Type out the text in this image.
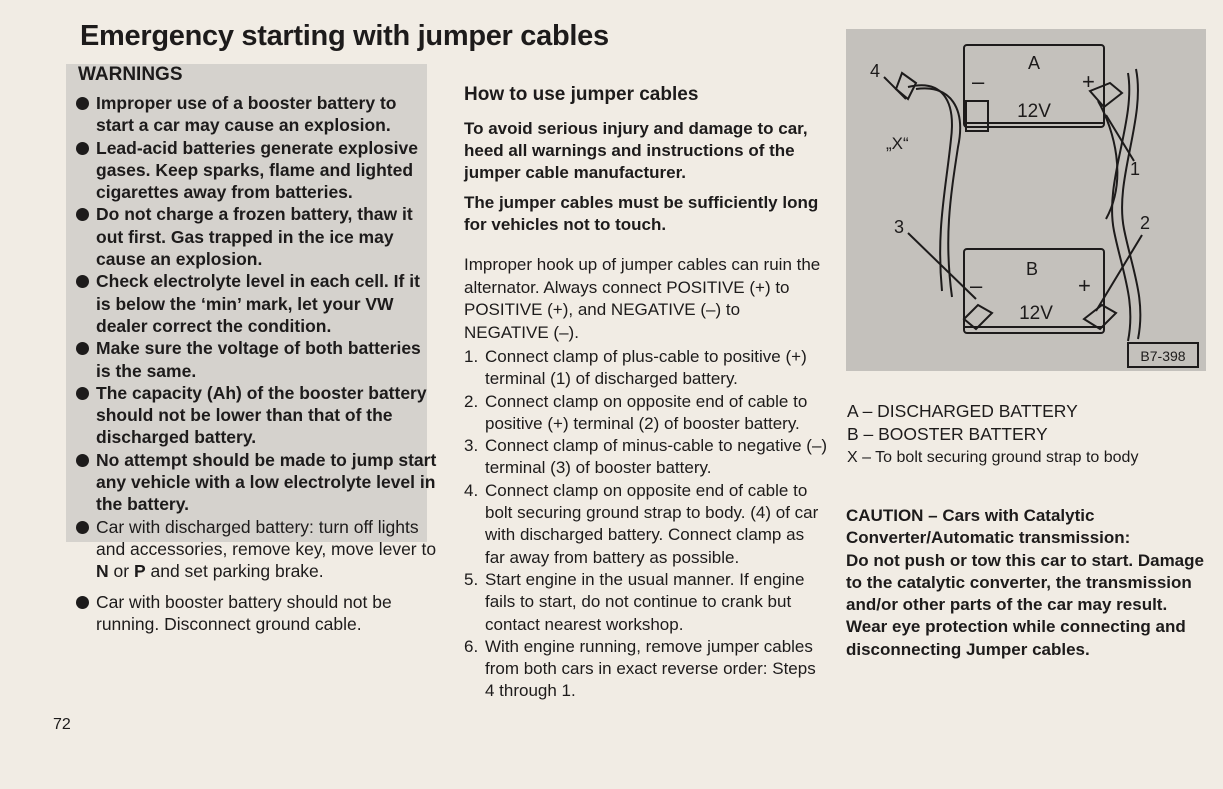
Emergency starting with jumper cables
WARNINGS
Improper use of a booster battery to start a car may cause an explosion.
Lead-acid batteries generate explosive gases. Keep sparks, flame and lighted cigarettes away from batteries.
Do not charge a frozen battery, thaw it out first. Gas trapped in the ice may cause an explosion.
Check electrolyte level in each cell. If it is below the ‘min’ mark, let your VW dealer correct the condition.
Make sure the voltage of both batteries is the same.
The capacity (Ah) of the booster battery should not be lower than that of the discharged battery.
No attempt should be made to jump start any vehicle with a low electrolyte level in the battery.
Car with discharged battery: turn off lights and accessories, remove key, move lever to N or P and set parking brake.
Car with booster battery should not be running. Disconnect ground cable.
72
How to use jumper cables

To avoid serious injury and damage to car, heed all warnings and instructions of the jumper cable manufacturer.

The jumper cables must be sufficiently long for vehicles not to touch.

Improper hook up of jumper cables can ruin the alternator. Always connect POSITIVE (+) to POSITIVE (+), and NEGATIVE (–) to NEGATIVE (–).

1. Connect clamp of plus-cable to positive (+) terminal (1) of discharged battery.
2. Connect clamp on opposite end of cable to positive (+) terminal (2) of booster battery.
3. Connect clamp of minus-cable to negative (–) terminal (3) of booster battery.
4. Connect clamp on opposite end of cable to bolt securing ground strap to body. (4) of car with discharged battery. Connect clamp as far away from battery as possible.
5. Start engine in the usual manner. If engine fails to start, do not continue to crank but contact nearest workshop.
6. With engine running, remove jumper cables from both cars in exact reverse order: Steps 4 through 1.
A
12V
–	+
B
12V
–	+
4
„X“
1
3	2
B7-398
A – DISCHARGED BATTERY
B – BOOSTER BATTERY
X – To bolt securing ground strap to body

CAUTION – Cars with Catalytic Converter/Automatic transmission:

Do not push or tow this car to start. Damage to the catalytic converter, the transmission and/or other parts of the car may result.

Wear eye protection while connecting and disconnecting Jumper cables.
